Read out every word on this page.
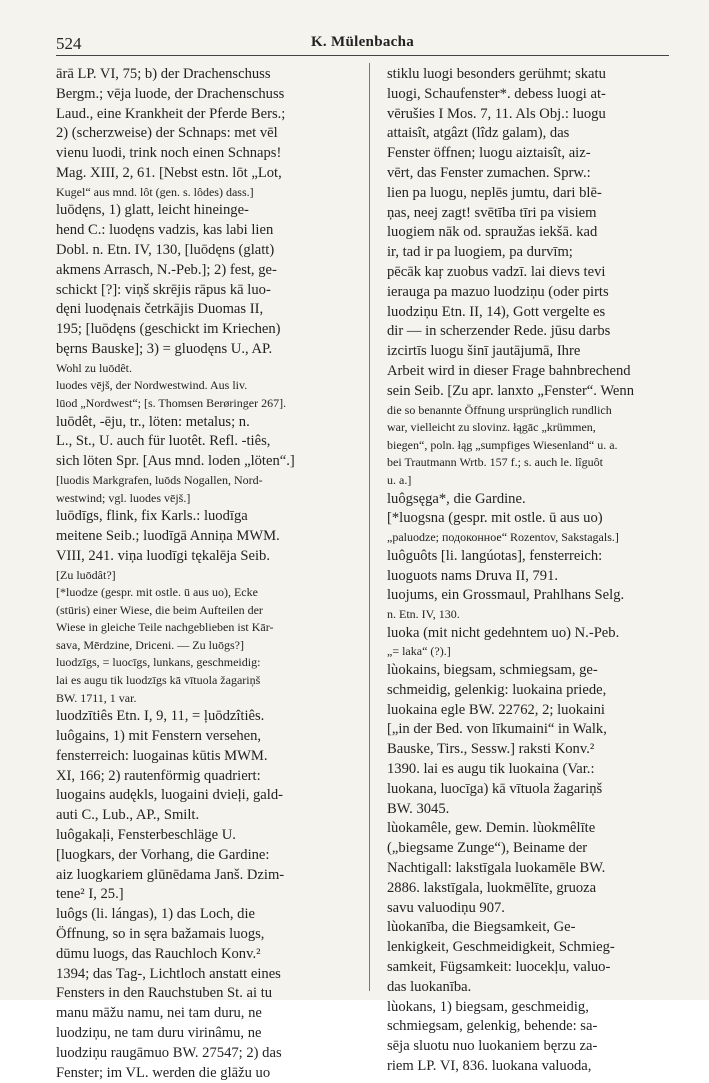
524	K. Mülenbacha
ārā LP. VI, 75; b) der Drachenschuss
Bergm.; vēja luode, der Drachenschuss
Laud., eine Krankheit der Pferde Bers.;
2) (scherzweise) der Schnaps: met vēl
vienu luodi, trink noch einen Schnaps!
Mag. XIII, 2, 61. [Nebst estn. lōt „Lot,
Kugel“ aus mnd. lôt (gen. s. lôdes) dass.]
luōdęns, 1) glatt, leicht hineinge-
hend C.: luodęns vadzis, kas labi lien
Dobl. n. Etn. IV, 130, [luōdęns (glatt)
akmens Arrasch, N.-Peb.]; 2) fest, ge-
schickt [?]: viņš skrējis rāpus kā luo-
dęni luodęnais četrkājis Duomas II,
195; [luōdęns (geschickt im Kriechen)
bęrns Bauske]; 3) = gluodęns U., AP.
Wohl zu luōdêt.
luodes vējš, der Nordwestwind. Aus liv.
lūod „Nordwest“; [s. Thomsen Berøringer 267].
luōdêt, -ēju, tr., löten: metalus; n.
L., St., U. auch für luotêt. Refl. -tiês,
sich löten Spr. [Aus mnd. loden „löten“.]
[luodis Markgrafen, luōds Nogallen, Nord-
westwind; vgl. luodes vējš.]
luōdīgs, flink, fix Karls.: luodīga
meitene Seib.; luodīgā Anniņa MWM.
VIII, 241. viņa luodīgi tękalēja Seib.
[Zu luōdât?]
[*luodze (gespr. mit ostle. ū aus uo), Ecke
(stūris) einer Wiese, die beim Aufteilen der
Wiese in gleiche Teile nachgeblieben ist Kār-
sava, Mērdzine, Driceni. — Zu luōgs?]
luodzīgs, = luocīgs, lunkans, geschmeidig:
lai es augu tik luodzīgs kā vītuola žagariņš
BW. 1711, 1 var.
luodzītiês Etn. I, 9, 11, = ļuōdzîtiês.
luôgains, 1) mit Fenstern versehen,
fensterreich: luogainas kūtis MWM.
XI, 166; 2) rautenförmig quadriert:
luogains audękls, luogaini dvieļi, gald-
auti C., Lub., AP., Smilt.
luôgakaļi, Fensterbeschläge U.
[luogkars, der Vorhang, die Gardine:
aiz luogkariem glūnēdama Janš. Dzim-
tene² I, 25.]
luôgs (li. lángas), 1) das Loch, die
Öffnung, so in sęra bažamais luogs,
dūmu luogs, das Rauchloch Konv.²
1394; das Tag-, Lichtloch anstatt eines
Fensters in den Rauchstuben St. ai tu
manu māžu namu, nei tam duru, ne
luodziņu, ne tam duru virinâmu, ne
luodziņu raugāmuo BW. 27547; 2) das
Fenster; im VL. werden die glāžu uo
stiklu luogi besonders gerühmt; skatu
luogi, Schaufenster*. debess luogi at-
vērušies I Mos. 7, 11. Als Obj.: luogu
attaisît, atgâzt (lîdz galam), das
Fenster öffnen; luogu aiztaisît, aiz-
vērt, das Fenster zumachen. Sprw.:
lien pa luogu, neplēs jumtu, dari blē-
ņas, neej zagt! svētība tīri pa visiem
luogiem nāk od. spraužas iekšā. kad
ir, tad ir pa luogiem, pa durvīm;
pēcāk kaŗ zuobus vadzī. lai dievs tevi
ierauga pa mazuo luodziņu (oder pirts
luodziņu Etn. II, 14), Gott vergelte es
dir — in scherzender Rede. jūsu darbs
izcirtīs luogu šinī jautājumā, Ihre
Arbeit wird in dieser Frage bahnbrechend
sein Seib. [Zu apr. lanxto „Fenster“. Wenn
die so benannte Öffnung ursprünglich rundlich
war, vielleicht zu slovinz. łągāc „krümmen,
biegen“, poln. łąg „sumpfiges Wiesenland“ u. a.
bei Trautmann Wrtb. 157 f.; s. auch le. lîguôt
u. a.]
luôgsęga*, die Gardine.
[*luogsna (gespr. mit ostle. ū aus uo)
„paluodze; подоконное“ Rozentov, Sakstagals.]
luôguôts [li. langúotas], fensterreich:
luoguots nams Druva II, 791.
luojums, ein Grossmaul, Prahlhans Selg.
n. Etn. IV, 130.
luoka (mit nicht gedehntem uo) N.-Peb.
„= laka“ (?).]
lùokains, biegsam, schmiegsam, ge-
schmeidig, gelenkig: luokaina priede,
luokaina egle BW. 22762, 2; luokaini
[„in der Bed. von līkumaini“ in Walk,
Bauske, Tirs., Sessw.] raksti Konv.²
1390. lai es augu tik luokaina (Var.:
luokana, luocīga) kā vītuola žagariņš
BW. 3045.
lùokamêle, gew. Demin. lùokmêlīte
(„biegsame Zunge“), Beiname der
Nachtigall: lakstīgala luokamēle BW.
2886. lakstīgala, luokmēlīte, gruoza
savu valuodiņu 907.
lùokanība, die Biegsamkeit, Ge-
lenkigkeit, Geschmeidigkeit, Schmieg-
samkeit, Fügsamkeit: luocekļu, valuo-
das luokanība.
lùokans, 1) biegsam, geschmeidig,
schmiegsam, gelenkig, behende: sa-
sēja sluotu nuo luokaniem bęrzu za-
riem LP. VI, 836. luokana valuoda,
